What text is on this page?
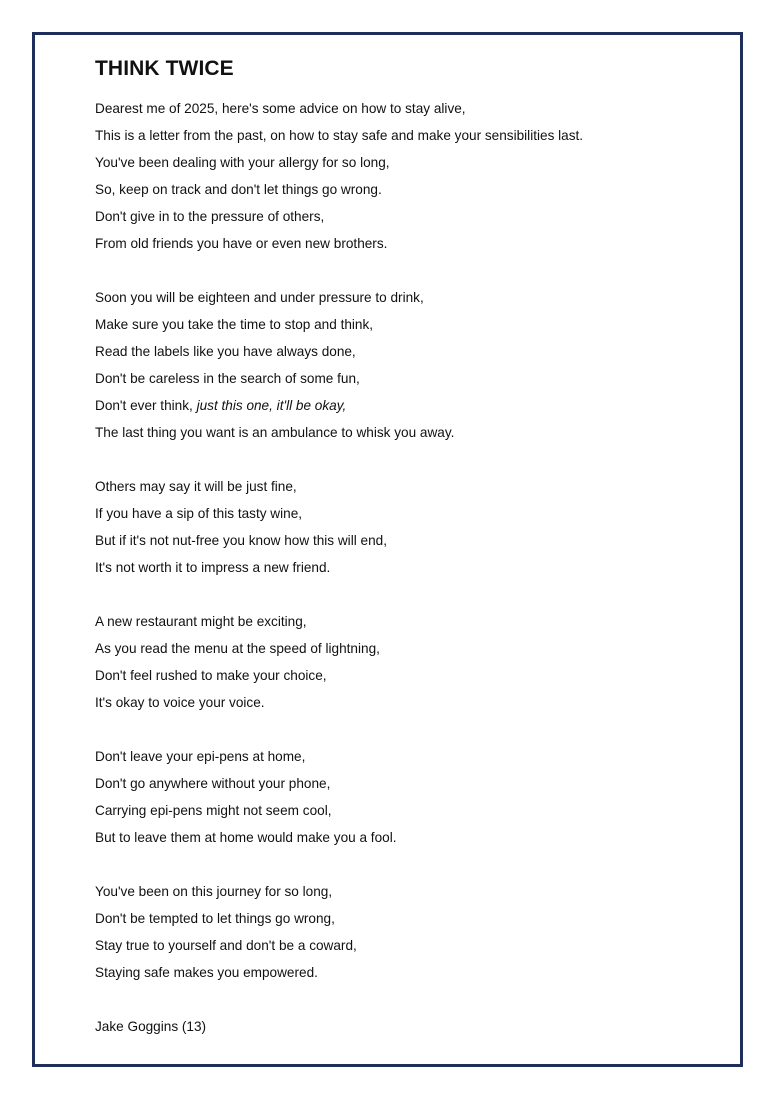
THINK TWICE
Dearest me of 2025, here's some advice on how to stay alive,
This is a letter from the past, on how to stay safe and make your sensibilities last.
You've been dealing with your allergy for so long,
So, keep on track and don't let things go wrong.
Don't give in to the pressure of others,
From old friends you have or even new brothers.
Soon you will be eighteen and under pressure to drink,
Make sure you take the time to stop and think,
Read the labels like you have always done,
Don't be careless in the search of some fun,
Don't ever think, just this one, it'll be okay,
The last thing you want is an ambulance to whisk you away.
Others may say it will be just fine,
If you have a sip of this tasty wine,
But if it's not nut-free you know how this will end,
It's not worth it to impress a new friend.
A new restaurant might be exciting,
As you read the menu at the speed of lightning,
Don't feel rushed to make your choice,
It's okay to voice your voice.
Don't leave your epi-pens at home,
Don't go anywhere without your phone,
Carrying epi-pens might not seem cool,
But to leave them at home would make you a fool.
You've been on this journey for so long,
Don't be tempted to let things go wrong,
Stay true to yourself and don't be a coward,
Staying safe makes you empowered.
Jake Goggins (13)
